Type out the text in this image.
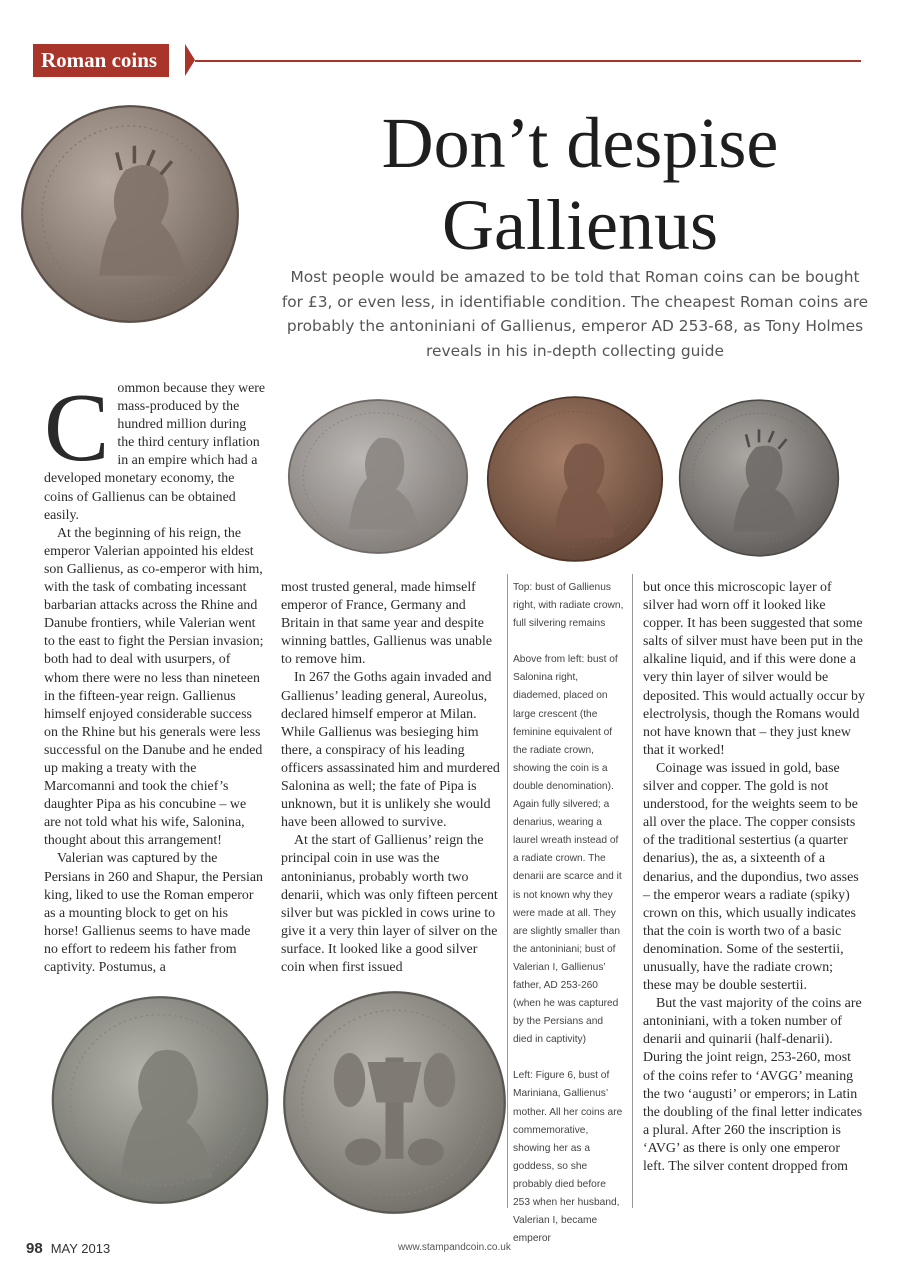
Roman coins
Don’t despise
Gallienus

Most people would be amazed to be told that Roman coins can be bought for £3, or even less, in identifiable condition. The cheapest Roman coins are probably the antoniniani of Gallienus, emperor AD 253-68, as Tony Holmes reveals in his in-depth collecting guide

Common because they were mass-produced by the hundred million during the third century inflation in an empire which had a developed monetary economy, the coins of Gallienus can be obtained easily.

At the beginning of his reign, the emperor Valerian appointed his eldest son Gallienus, as co-emperor with him, with the task of combating incessant barbarian attacks across the Rhine and Danube frontiers, while Valerian went to the east to fight the Persian invasion; both had to deal with usurpers, of whom there were no less than nineteen in the fifteen-year reign. Gallienus himself enjoyed considerable success on the Rhine but his generals were less successful on the Danube and he ended up making a treaty with the Marcomanni and took the chief’s daughter Pipa as his concubine – we are not told what his wife, Salonina, thought about this arrangement!

Valerian was captured by the Persians in 260 and Shapur, the Persian king, liked to use the Roman emperor as a mounting block to get on his horse! Gallienus seems to have made no effort to redeem his father from captivity. Postumus, a

most trusted general, made himself emperor of France, Germany and Britain in that same year and despite winning battles, Gallienus was unable to remove him.

In 267 the Goths again invaded and Gallienus’ leading general, Aureolus, declared himself emperor at Milan. While Gallienus was besieging him there, a conspiracy of his leading officers assassinated him and murdered Salonina as well; the fate of Pipa is unknown, but it is unlikely she would have been allowed to survive.

At the start of Gallienus’ reign the principal coin in use was the antoninianus, probably worth two denarii, which was only fifteen percent silver but was pickled in cows urine to give it a very thin layer of silver on the surface. It looked like a good silver coin when first issued

Top: bust of Gallienus right, with radiate crown, full silvering remains

Above from left: bust of Salonina right, diademed, placed on large crescent (the feminine equivalent of the radiate crown, showing the coin is a double denomination). Again fully silvered; a denarius, wearing a laurel wreath instead of a radiate crown. The denarii are scarce and it is not known why they were made at all. They are slightly smaller than the antoniniani; bust of Valerian I, Gallienus’ father, AD 253-260 (when he was captured by the Persians and died in captivity)

Left: Figure 6, bust of Mariniana, Gallienus’ mother. All her coins are commemorative, showing her as a goddess, so she probably died before 253 when her husband, Valerian I, became emperor

but once this microscopic layer of silver had worn off it looked like copper. It has been suggested that some salts of silver must have been put in the alkaline liquid, and if this were done a very thin layer of silver would be deposited. This would actually occur by electrolysis, though the Romans would not have known that – they just knew that it worked!

Coinage was issued in gold, base silver and copper. The gold is not understood, for the weights seem to be all over the place. The copper consists of the traditional sestertius (a quarter denarius), the as, a sixteenth of a denarius, and the dupondius, two asses – the emperor wears a radiate (spiky) crown on this, which usually indicates that the coin is worth two of a basic denomination. Some of the sestertii, unusually, have the radiate crown; these may be double sestertii.

But the vast majority of the coins are antoniniani, with a token number of denarii and quinarii (half-denarii). During the joint reign, 253-260, most of the coins refer to ‘AVGG’ meaning the two ‘augusti’ or emperors; in Latin the doubling of the final letter indicates a plural. After 260 the inscription is ‘AVG’ as there is only one emperor left. The silver content dropped from

98 MAY 2013	www.stampandcoin.co.uk
